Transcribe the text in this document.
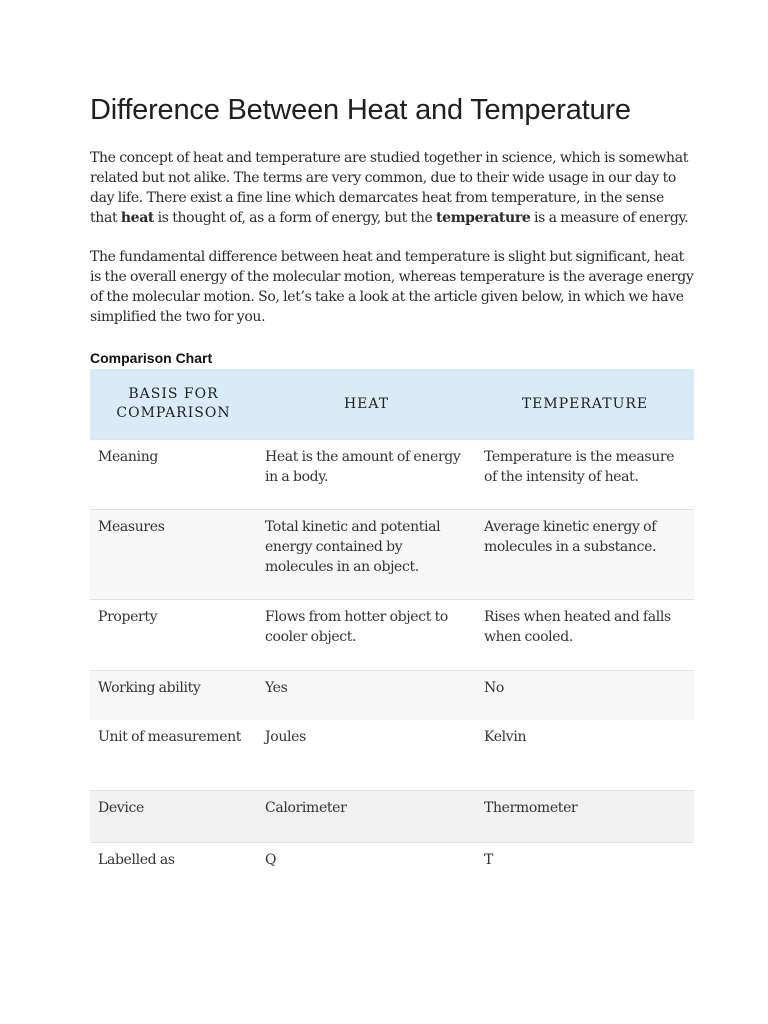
Difference Between Heat and Temperature

The concept of heat and temperature are studied together in science, which is somewhat related but not alike. The terms are very common, due to their wide usage in our day to day life. There exist a fine line which demarcates heat from temperature, in the sense that heat is thought of, as a form of energy, but the temperature is a measure of energy.

The fundamental difference between heat and temperature is slight but significant, heat is the overall energy of the molecular motion, whereas temperature is the average energy of the molecular motion. So, let’s take a look at the article given below, in which we have simplified the two for you.

Comparison Chart
BASIS FOR COMPARISON	HEAT	TEMPERATURE
Meaning	Heat is the amount of energy in a body.	Temperature is the measure of the intensity of heat.
Measures	Total kinetic and potential energy contained by molecules in an object.	Average kinetic energy of molecules in a substance.
Property	Flows from hotter object to cooler object.	Rises when heated and falls when cooled.
Working ability	Yes	No
Unit of measurement	Joules	Kelvin
Device	Calorimeter	Thermometer
Labelled as	Q	T
